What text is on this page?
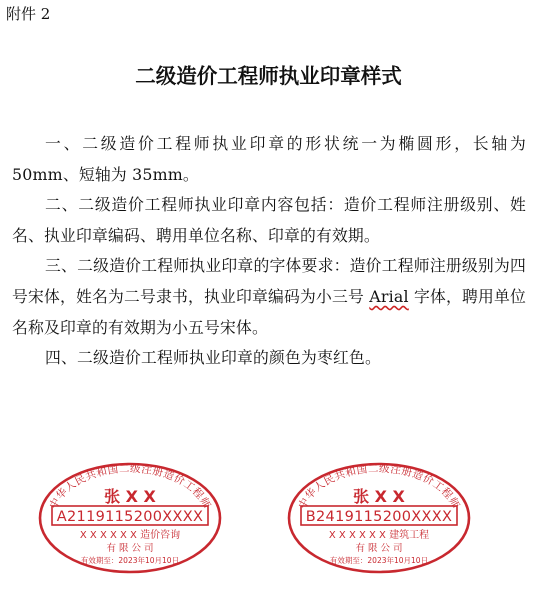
附件 2
二级造价工程师执业印章样式

一、二级造价工程师执业印章的形状统一为椭圆形，长轴为 50mm、短轴为 35mm。

二、二级造价工程师执业印章内容包括：造价工程师注册级别、姓名、执业印章编码、聘用单位名称、印章的有效期。

三、二级造价工程师执业印章的字体要求：造价工程师注册级别为四号宋体，姓名为二号隶书，执业印章编码为小三号 Arial 字体，聘用单位名称及印章的有效期为小五号宋体。

四、二级造价工程师执业印章的颜色为枣红色。

中华人民共和国二级注册造价工程师
张 X X
A2119115200XXXX
X X X X X X 造价咨询
有 限 公 司
有效期至：2023年10月10日
中华人民共和国二级注册造价工程师
张 X X
B2419115200XXXX
X X X X X X 建筑工程
有 限 公 司
有效期至：2023年10月10日
